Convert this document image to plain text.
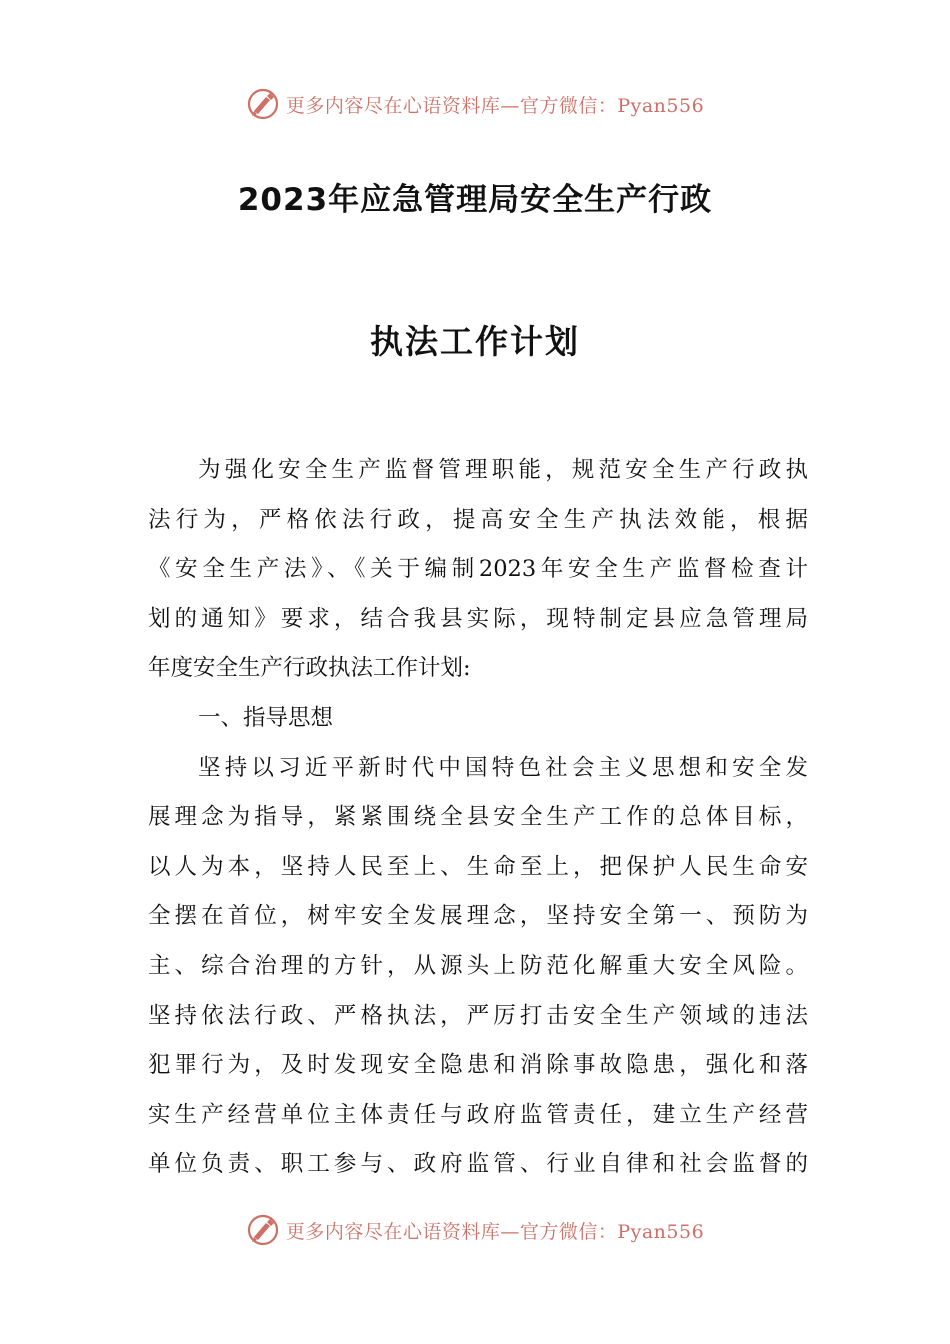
更多内容尽在心语资料库—官方微信：Pyan556
2023年应急管理局安全生产行政
执法工作计划
为强化安全生产监督管理职能，规范安全生产行政执
法行为，严格依法行政，提高安全生产执法效能，根据
《安全生产法》、《关于编制2023年安全生产监督检查计
划的通知》要求，结合我县实际，现特制定县应急管理局
年度安全生产行政执法工作计划:
一、指导思想
坚持以习近平新时代中国特色社会主义思想和安全发
展理念为指导，紧紧围绕全县安全生产工作的总体目标，
以人为本，坚持人民至上、生命至上，把保护人民生命安
全摆在首位，树牢安全发展理念，坚持安全第一、预防为
主、综合治理的方针，从源头上防范化解重大安全风险。
坚持依法行政、严格执法，严厉打击安全生产领域的违法
犯罪行为，及时发现安全隐患和消除事故隐患，强化和落
实生产经营单位主体责任与政府监管责任，建立生产经营
单位负责、职工参与、政府监管、行业自律和社会监督的
更多内容尽在心语资料库—官方微信：Pyan556
